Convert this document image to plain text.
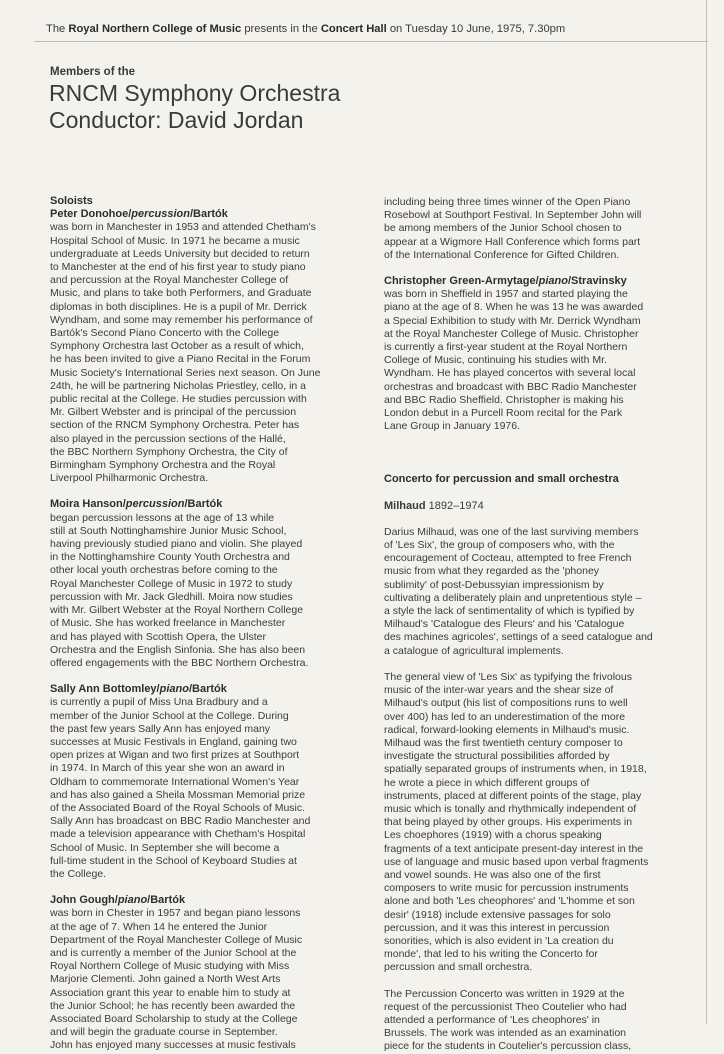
The Royal Northern College of Music presents in the Concert Hall on Tuesday 10 June, 1975, 7.30pm
Members of the
RNCM Symphony Orchestra
Conductor: David Jordan
Soloists
Peter Donohoe/percussion/Bartók
was born in Manchester in 1953 and attended Chetham's
Hospital School of Music. In 1971 he became a music
undergraduate at Leeds University but decided to return
to Manchester at the end of his first year to study piano
and percussion at the Royal Manchester College of
Music, and plans to take both Performers, and Graduate
diplomas in both disciplines. He is a pupil of Mr. Derrick
Wyndham, and some may remember his performance of
Bartók's Second Piano Concerto with the College
Symphony Orchestra last October as a result of which,
he has been invited to give a Piano Recital in the Forum
Music Society's International Series next season. On June
24th, he will be partnering Nicholas Priestley, cello, in a
public recital at the College. He studies percussion with
Mr. Gilbert Webster and is principal of the percussion
section of the RNCM Symphony Orchestra. Peter has
also played in the percussion sections of the Hallé,
the BBC Northern Symphony Orchestra, the City of
Birmingham Symphony Orchestra and the Royal
Liverpool Philharmonic Orchestra.
Moira Hanson/percussion/Bartók
began percussion lessons at the age of 13 while
still at South Nottinghamshire Junior Music School,
having previously studied piano and violin. She played
in the Nottinghamshire County Youth Orchestra and
other local youth orchestras before coming to the
Royal Manchester College of Music in 1972 to study
percussion with Mr. Jack Gledhill. Moira now studies
with Mr. Gilbert Webster at the Royal Northern College
of Music. She has worked freelance in Manchester
and has played with Scottish Opera, the Ulster
Orchestra and the English Sinfonia. She has also been
offered engagements with the BBC Northern Orchestra.
Sally Ann Bottomley/piano/Bartók
is currently a pupil of Miss Una Bradbury and a
member of the Junior School at the College. During
the past few years Sally Ann has enjoyed many
successes at Music Festivals in England, gaining two
open prizes at Wigan and two first prizes at Southport
in 1974. In March of this year she won an award in
Oldham to commemorate International Women's Year
and has also gained a Sheila Mossman Memorial prize
of the Associated Board of the Royal Schools of Music.
Sally Ann has broadcast on BBC Radio Manchester and
made a television appearance with Chetham's Hospital
School of Music. In September she will become a
full-time student in the School of Keyboard Studies at
the College.
John Gough/piano/Bartók
was born in Chester in 1957 and began piano lessons
at the age of 7. When 14 he entered the Junior
Department of the Royal Manchester College of Music
and is currently a member of the Junior School at the
Royal Northern College of Music studying with Miss
Marjorie Clementi. John gained a North West Arts
Association grant this year to enable him to study at
the Junior School; he has recently been awarded the
Associated Board Scholarship to study at the College
and will begin the graduate course in September.
John has enjoyed many successes at music festivals
including being three times winner of the Open Piano
Rosebowl at Southport Festival. In September John will
be among members of the Junior School chosen to
appear at a Wigmore Hall Conference which forms part
of the International Conference for Gifted Children.
Christopher Green-Armytage/piano/Stravinsky
was born in Sheffield in 1957 and started playing the
piano at the age of 8. When he was 13 he was awarded
a Special Exhibition to study with Mr. Derrick Wyndham
at the Royal Manchester College of Music. Christopher
is currently a first-year student at the Royal Northern
College of Music, continuing his studies with Mr.
Wyndham. He has played concertos with several local
orchestras and broadcast with BBC Radio Manchester
and BBC Radio Sheffield. Christopher is making his
London debut in a Purcell Room recital for the Park
Lane Group in January 1976.
Concerto for percussion and small orchestra
Milhaud 1892–1974
Darius Milhaud, was one of the last surviving members
of 'Les Six', the group of composers who, with the
encouragement of Cocteau, attempted to free French
music from what they regarded as the 'phoney
sublimity' of post-Debussyian impressionism by
cultivating a deliberately plain and unpretentious style –
a style the lack of sentimentality of which is typified by
Milhaud's 'Catalogue des Fleurs' and his 'Catalogue
des machines agricoles', settings of a seed catalogue and
a catalogue of agricultural implements.
The general view of 'Les Six' as typifying the frivolous
music of the inter-war years and the shear size of
Milhaud's output (his list of compositions runs to well
over 400) has led to an underestimation of the more
radical, forward-looking elements in Milhaud's music.
Milhaud was the first twentieth century composer to
investigate the structural possibilities afforded by
spatially separated groups of instruments when, in 1918,
he wrote a piece in which different groups of
instruments, placed at different points of the stage, play
music which is tonally and rhythmically independent of
that being played by other groups. His experiments in
Les choephores (1919) with a chorus speaking
fragments of a text anticipate present-day interest in the
use of language and music based upon verbal fragments
and vowel sounds. He was also one of the first
composers to write music for percussion instruments
alone and both 'Les cheophores' and 'L'homme et son
desir' (1918) include extensive passages for solo
percussion, and it was this interest in percussion
sonorities, which is also evident in 'La creation du
monde', that led to his writing the Concerto for
percussion and small orchestra.
The Percussion Concerto was written in 1929 at the
request of the percussionist Theo Coutelier who had
attended a performance of 'Les cheophores' in
Brussels. The work was intended as an examination
piece for the students in Coutelier's percussion class,
